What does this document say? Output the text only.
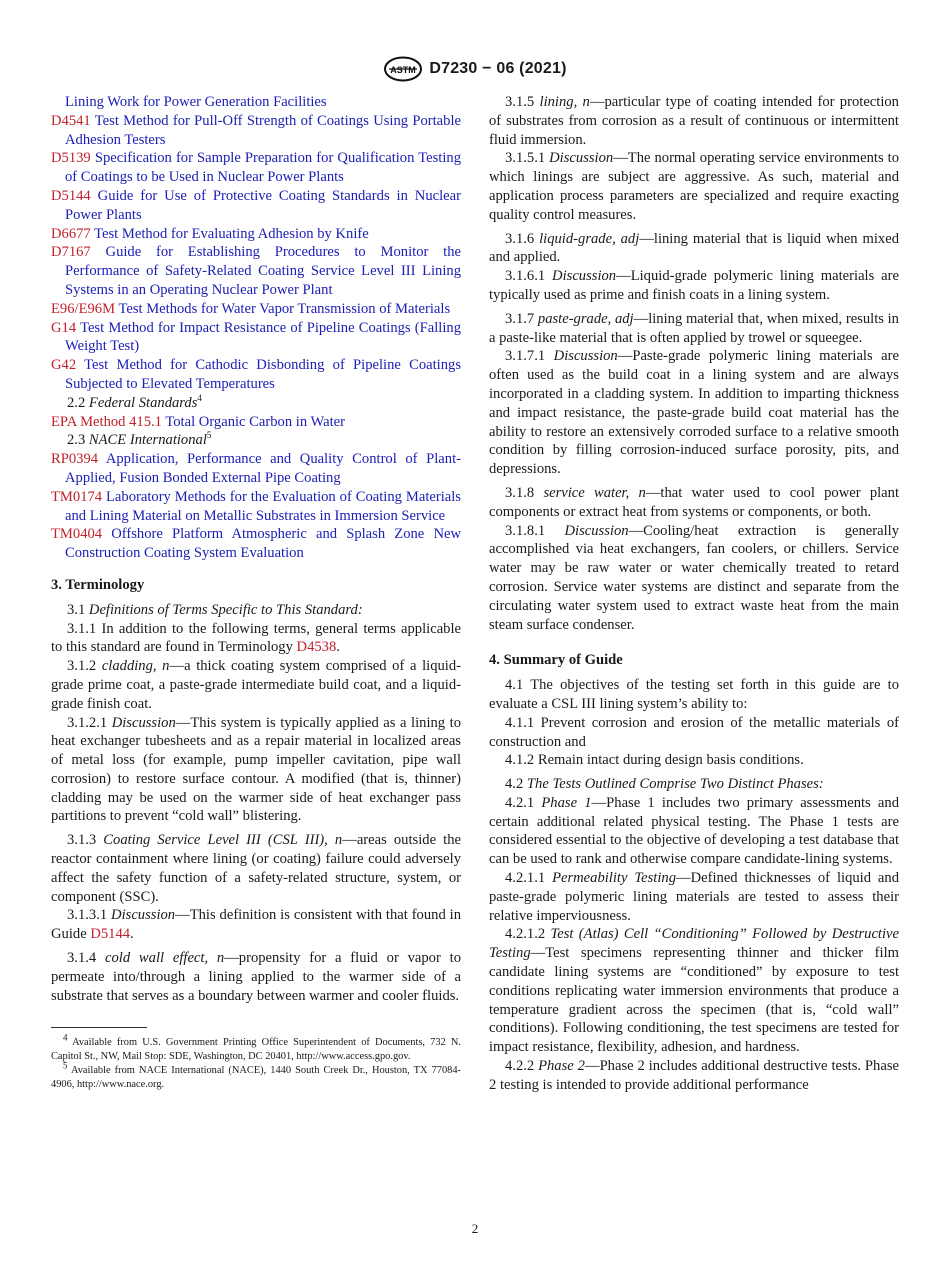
ASTM D7230 − 06 (2021)

Lining Work for Power Generation Facilities

D4541 Test Method for Pull-Off Strength of Coatings Using Portable Adhesion Testers

D5139 Specification for Sample Preparation for Qualification Testing of Coatings to be Used in Nuclear Power Plants

D5144 Guide for Use of Protective Coating Standards in Nuclear Power Plants

D6677 Test Method for Evaluating Adhesion by Knife

D7167 Guide for Establishing Procedures to Monitor the Performance of Safety-Related Coating Service Level III Lining Systems in an Operating Nuclear Power Plant

E96/E96M Test Methods for Water Vapor Transmission of Materials

G14 Test Method for Impact Resistance of Pipeline Coatings (Falling Weight Test)

G42 Test Method for Cathodic Disbonding of Pipeline Coatings Subjected to Elevated Temperatures

2.2 Federal Standards$^4$

EPA Method 415.1 Total Organic Carbon in Water

2.3 NACE International$^5$

RP0394 Application, Performance and Quality Control of Plant-Applied, Fusion Bonded External Pipe Coating

TM0174 Laboratory Methods for the Evaluation of Coating Materials and Lining Material on Metallic Substrates in Immersion Service

TM0404 Offshore Platform Atmospheric and Splash Zone New Construction Coating System Evaluation

3. Terminology

3.1 Definitions of Terms Specific to This Standard:

3.1.1 In addition to the following terms, general terms applicable to this standard are found in Terminology D4538.

3.1.2 cladding, n—a thick coating system comprised of a liquid-grade prime coat, a paste-grade intermediate build coat, and a liquid-grade finish coat.

3.1.2.1 Discussion—This system is typically applied as a lining to heat exchanger tubesheets and as a repair material in localized areas of metal loss (for example, pump impeller cavitation, pipe wall corrosion) to restore surface contour. A modified (that is, thinner) cladding may be used on the warmer side of heat exchanger pass partitions to prevent “cold wall” blistering.

3.1.3 Coating Service Level III (CSL III), n—areas outside the reactor containment where lining (or coating) failure could adversely affect the safety function of a safety-related structure, system, or component (SSC).

3.1.3.1 Discussion—This definition is consistent with that found in Guide D5144.

3.1.4 cold wall effect, n—propensity for a fluid or vapor to permeate into/through a lining applied to the warmer side of a substrate that serves as a boundary between warmer and cooler fluids.

$^4$ Available from U.S. Government Printing Office Superintendent of Documents, 732 N. Capitol St., NW, Mail Stop: SDE, Washington, DC 20401, http://www.access.gpo.gov.

$^5$ Available from NACE International (NACE), 1440 South Creek Dr., Houston, TX 77084-4906, http://www.nace.org.

3.1.5 lining, n—particular type of coating intended for protection of substrates from corrosion as a result of continuous or intermittent fluid immersion.

3.1.5.1 Discussion—The normal operating service environments to which linings are subject are aggressive. As such, material and application process parameters are specialized and require exacting quality control measures.

3.1.6 liquid-grade, adj—lining material that is liquid when mixed and applied.

3.1.6.1 Discussion—Liquid-grade polymeric lining materials are typically used as prime and finish coats in a lining system.

3.1.7 paste-grade, adj—lining material that, when mixed, results in a paste-like material that is often applied by trowel or squeegee.

3.1.7.1 Discussion—Paste-grade polymeric lining materials are often used as the build coat in a lining system and are always incorporated in a cladding system. In addition to imparting thickness and impact resistance, the paste-grade build coat material has the ability to restore an extensively corroded surface to a relative smooth condition by filling corrosion-induced surface porosity, pits, and depressions.

3.1.8 service water, n—that water used to cool power plant components or extract heat from systems or components, or both.

3.1.8.1 Discussion—Cooling/heat extraction is generally accomplished via heat exchangers, fan coolers, or chillers. Service water may be raw water or water chemically treated to retard corrosion. Service water systems are distinct and separate from the circulating water system used to extract waste heat from the main steam surface condenser.

4. Summary of Guide

4.1 The objectives of the testing set forth in this guide are to evaluate a CSL III lining system’s ability to:

4.1.1 Prevent corrosion and erosion of the metallic materials of construction and

4.1.2 Remain intact during design basis conditions.

4.2 The Tests Outlined Comprise Two Distinct Phases:

4.2.1 Phase 1—Phase 1 includes two primary assessments and certain additional related physical testing. The Phase 1 tests are considered essential to the objective of developing a test database that can be used to rank and otherwise compare candidate-lining systems.

4.2.1.1 Permeability Testing—Defined thicknesses of liquid and paste-grade polymeric lining materials are tested to assess their relative imperviousness.

4.2.1.2 Test (Atlas) Cell “Conditioning” Followed by Destructive Testing—Test specimens representing thinner and thicker film candidate lining systems are “conditioned” by exposure to test conditions replicating water immersion environments that produce a temperature gradient across the specimen (that is, “cold wall” conditions). Following conditioning, the test specimens are tested for impact resistance, flexibility, adhesion, and hardness.

4.2.2 Phase 2—Phase 2 includes additional destructive tests. Phase 2 testing is intended to provide additional performance

2
